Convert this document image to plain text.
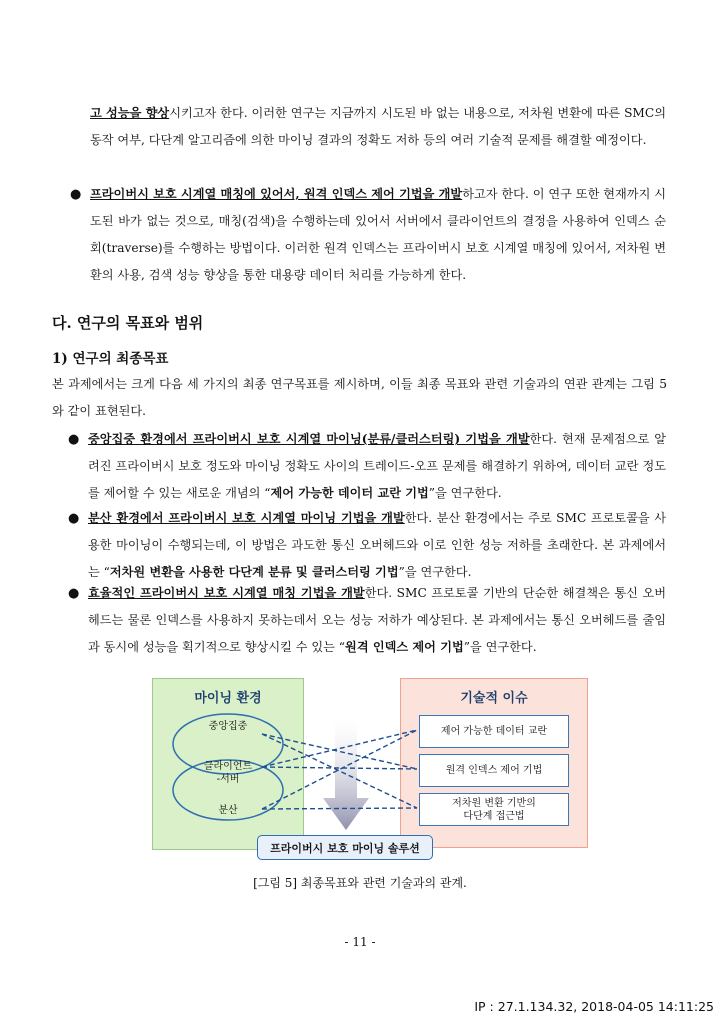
고 성능을 향상시키고자 한다. 이러한 연구는 지금까지 시도된 바 없는 내용으로, 저차원 변환에 따른 SMC의 동작 여부, 다단계 알고리즘에 의한 마이닝 결과의 정확도 저하 등의 여러 기술적 문제를 해결할 예정이다.

● 프라이버시 보호 시계열 매칭에 있어서, 원격 인덱스 제어 기법을 개발하고자 한다. 이 연구 또한 현재까지 시도된 바가 없는 것으로, 매칭(검색)을 수행하는데 있어서 서버에서 클라이언트의 결정을 사용하여 인덱스 순회(traverse)를 수행하는 방법이다. 이러한 원격 인덱스는 프라이버시 보호 시계열 매칭에 있어서, 저차원 변환의 사용, 검색 성능 향상을 통한 대용량 데이터 처리를 가능하게 한다.

다. 연구의 목표와 범위
1) 연구의 최종목표

본 과제에서는 크게 다음 세 가지의 최종 연구목표를 제시하며, 이들 최종 목표와 관련 기술과의 연관 관계는 그림 5와 같이 표현된다.

● 중앙집중 환경에서 프라이버시 보호 시계열 마이닝(분류/클러스터링) 기법을 개발한다. 현재 문제점으로 알려진 프라이버시 보호 정도와 마이닝 정확도 사이의 트레이드-오프 문제를 해결하기 위하여, 데이터 교란 정도를 제어할 수 있는 새로운 개념의 “제어 가능한 데이터 교란 기법”을 연구한다.

● 분산 환경에서 프라이버시 보호 시계열 마이닝 기법을 개발한다. 분산 환경에서는 주로 SMC 프로토콜을 사용한 마이닝이 수행되는데, 이 방법은 과도한 통신 오버헤드와 이로 인한 성능 저하를 초래한다. 본 과제에서는 “저차원 변환을 사용한 다단계 분류 및 클러스터링 기법”을 연구한다.

● 효율적인 프라이버시 보호 시계열 매칭 기법을 개발한다. SMC 프로토콜 기반의 단순한 해결책은 통신 오버헤드는 물론 인덱스를 사용하지 못하는데서 오는 성능 저하가 예상된다. 본 과제에서는 통신 오버헤드를 줄임과 동시에 성능을 획기적으로 향상시킬 수 있는 “원격 인덱스 제어 기법”을 연구한다.

마이닝 환경	기술적 이슈
제어 가능한 데이터 교란
원격 인덱스 제어 기법
저차원 변환 기반의
다단계 접근법
중앙집중
클라이언트
-서버
분산
프라이버시 보호 마이닝 솔루션
[그림 5] 최종목표와 관련 기술과의 관계.
- 11 -
IP : 27.1.134.32, 2018-04-05 14:11:25
